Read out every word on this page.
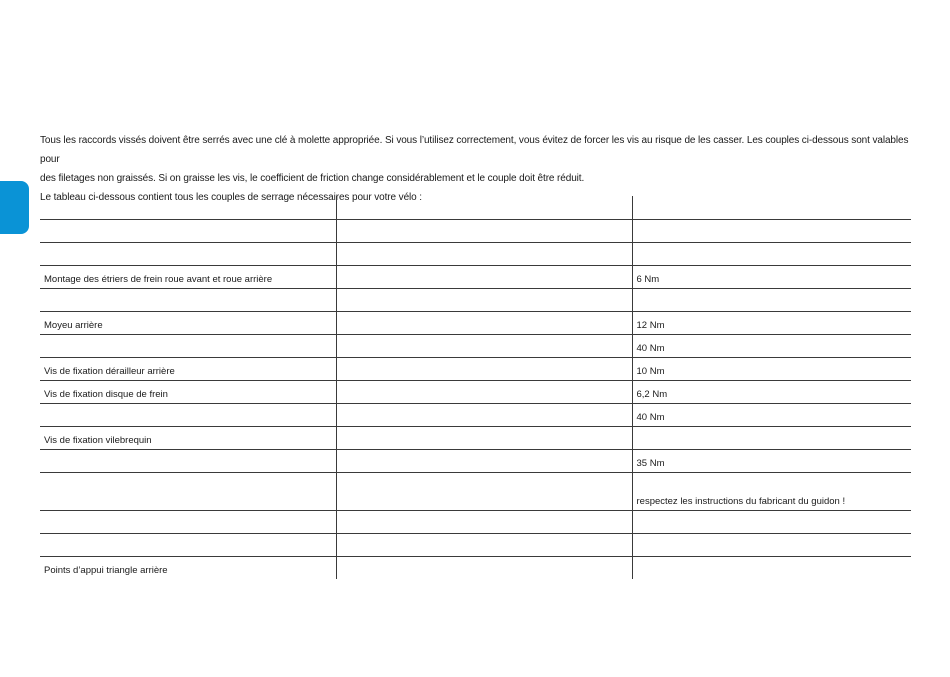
Tous les raccords vissés doivent être serrés avec une clé à molette appropriée. Si vous l’utilisez correctement, vous évitez de forcer les vis au risque de les casser. Les couples ci-dessous sont valables pour

des filetages non graissés. Si on graisse les vis, le coefficient de friction change considérablement et le couple doit être réduit.

Le tableau ci-dessous contient tous les couples de serrage nécessaires pour votre vélo :

Montage des étriers de frein roue avant et roue arrière		6 Nm

Moyeu arrière		12 Nm
		40 Nm
Vis de fixation dérailleur arrière		10 Nm
Vis de fixation disque de frein		6,2 Nm
		40 Nm
Vis de fixation vilebrequin		
		35 Nm
		respectez les instructions du fabricant du guidon !

Points d’appui triangle arrière		
